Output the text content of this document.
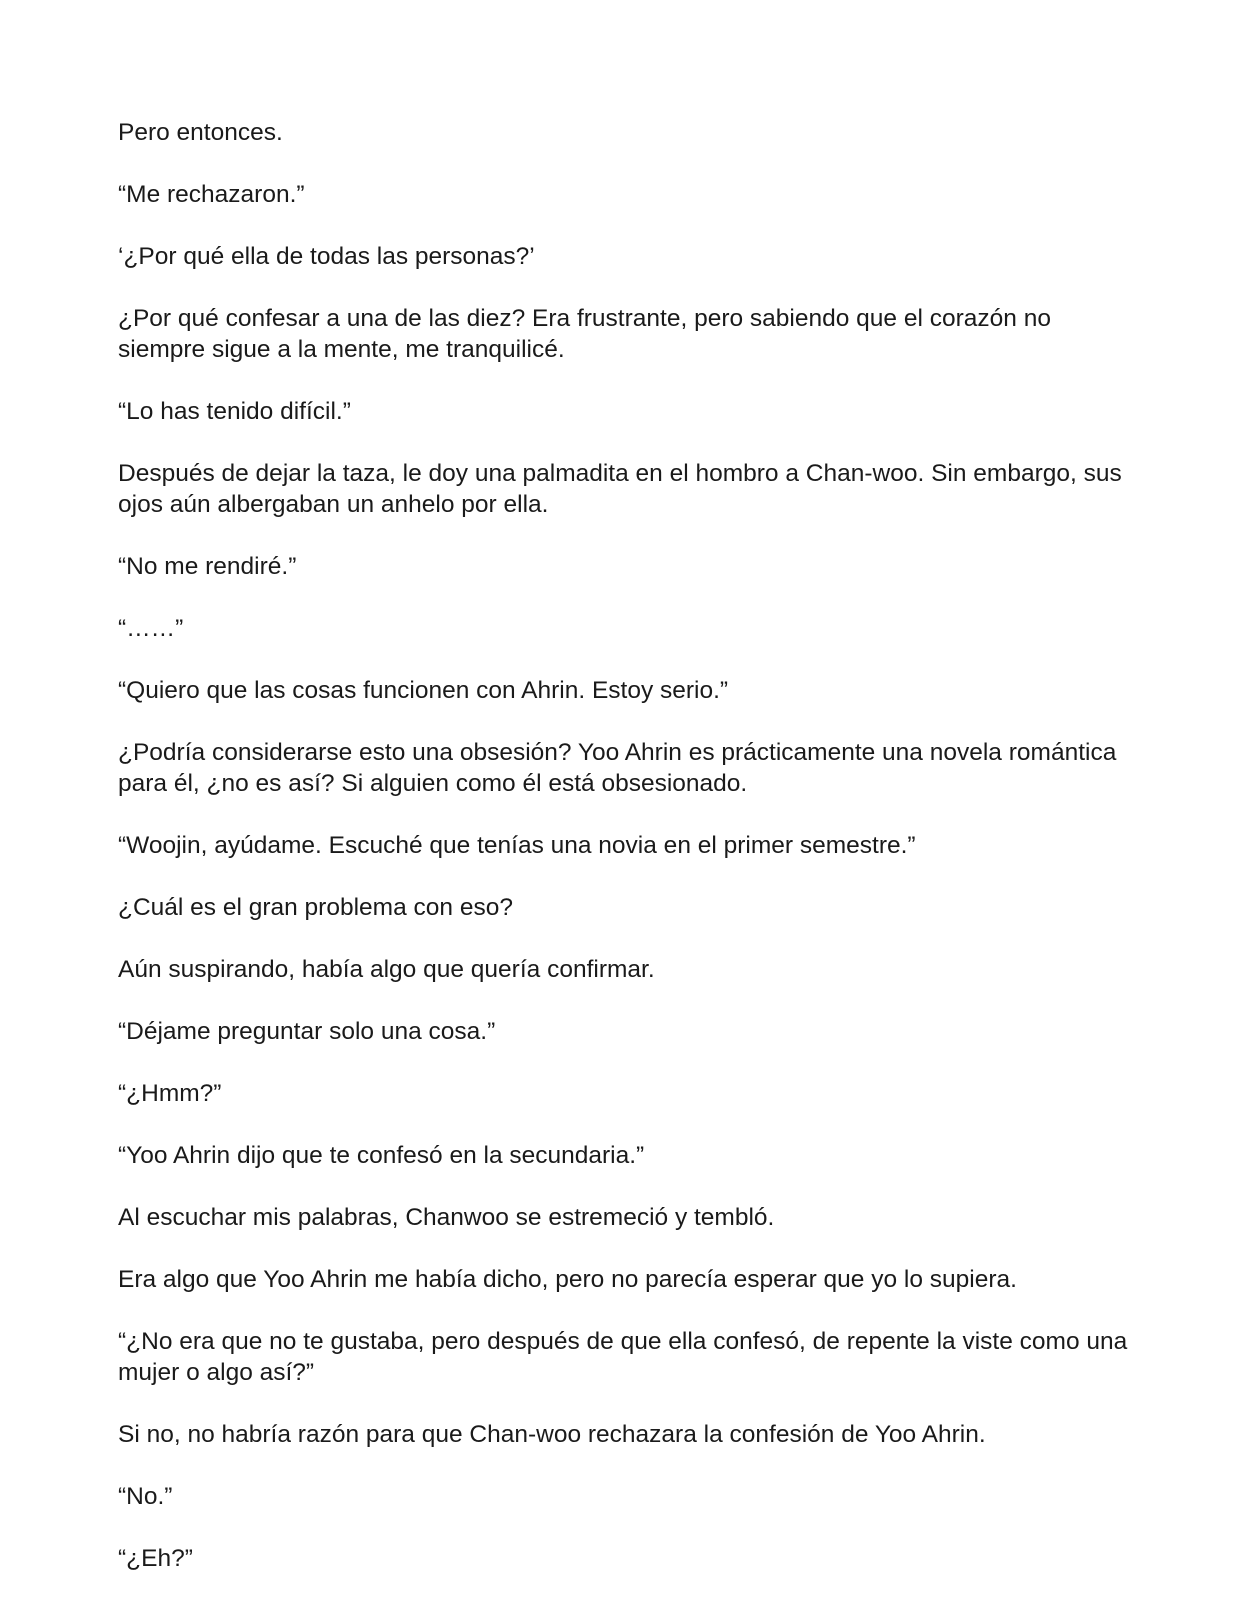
Pero entonces.

“Me rechazaron.”

‘¿Por qué ella de todas las personas?’

¿Por qué confesar a una de las diez? Era frustrante, pero sabiendo que el corazón no siempre sigue a la mente, me tranquilicé.

“Lo has tenido difícil.”

Después de dejar la taza, le doy una palmadita en el hombro a Chan-woo. Sin embargo, sus ojos aún albergaban un anhelo por ella.

“No me rendiré.”

“……”

“Quiero que las cosas funcionen con Ahrin. Estoy serio.”

¿Podría considerarse esto una obsesión? Yoo Ahrin es prácticamente una novela romántica para él, ¿no es así? Si alguien como él está obsesionado.

“Woojin, ayúdame. Escuché que tenías una novia en el primer semestre.”

¿Cuál es el gran problema con eso?

Aún suspirando, había algo que quería confirmar.

“Déjame preguntar solo una cosa.”

“¿Hmm?”

“Yoo Ahrin dijo que te confesó en la secundaria.”

Al escuchar mis palabras, Chanwoo se estremeció y tembló.

Era algo que Yoo Ahrin me había dicho, pero no parecía esperar que yo lo supiera.

“¿No era que no te gustaba, pero después de que ella confesó, de repente la viste como una mujer o algo así?”

Si no, no habría razón para que Chan-woo rechazara la confesión de Yoo Ahrin.

“No.”

“¿Eh?”
